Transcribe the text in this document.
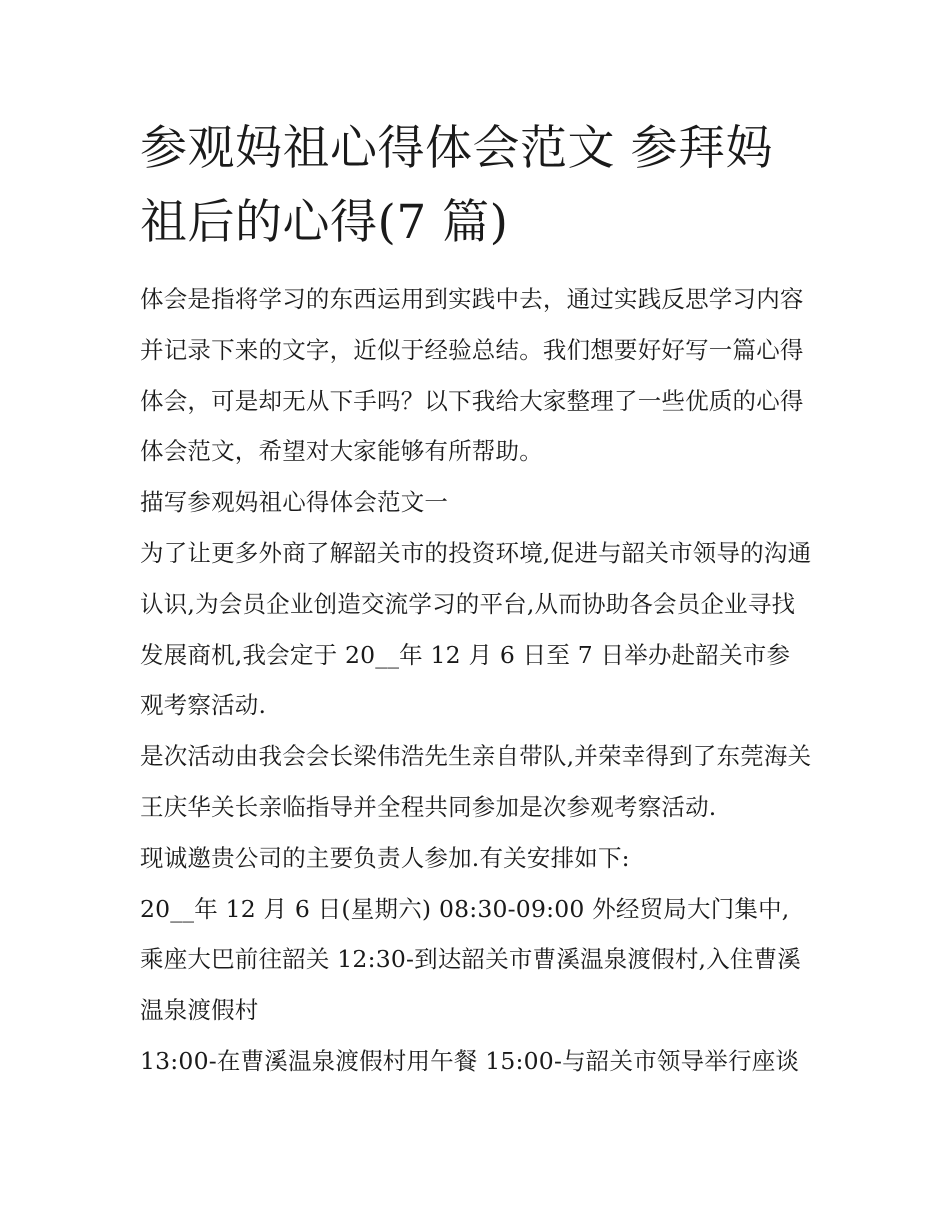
参观妈祖心得体会范文 参拜妈祖后的心得(7 篇)

体会是指将学习的东西运用到实践中去，通过实践反思学习内容并记录下来的文字，近似于经验总结。我们想要好好写一篇心得体会，可是却无从下手吗？以下我给大家整理了一些优质的心得体会范文，希望对大家能够有所帮助。

描写参观妈祖心得体会范文一

为了让更多外商了解韶关市的投资环境,促进与韶关市领导的沟通认识,为会员企业创造交流学习的平台,从而协助各会员企业寻找发展商机,我会定于 20__年 12 月 6 日至 7 日举办赴韶关市参观考察活动.

是次活动由我会会长梁伟浩先生亲自带队,并荣幸得到了东莞海关王庆华关长亲临指导并全程共同参加是次参观考察活动.

现诚邀贵公司的主要负责人参加.有关安排如下:

20__年 12 月 6 日(星期六) 08:30-09:00 外经贸局大门集中,乘座大巴前往韶关 12:30-到达韶关市曹溪温泉渡假村,入住曹溪温泉渡假村

13:00-在曹溪温泉渡假村用午餐 15:00-与韶关市领导举行座谈
